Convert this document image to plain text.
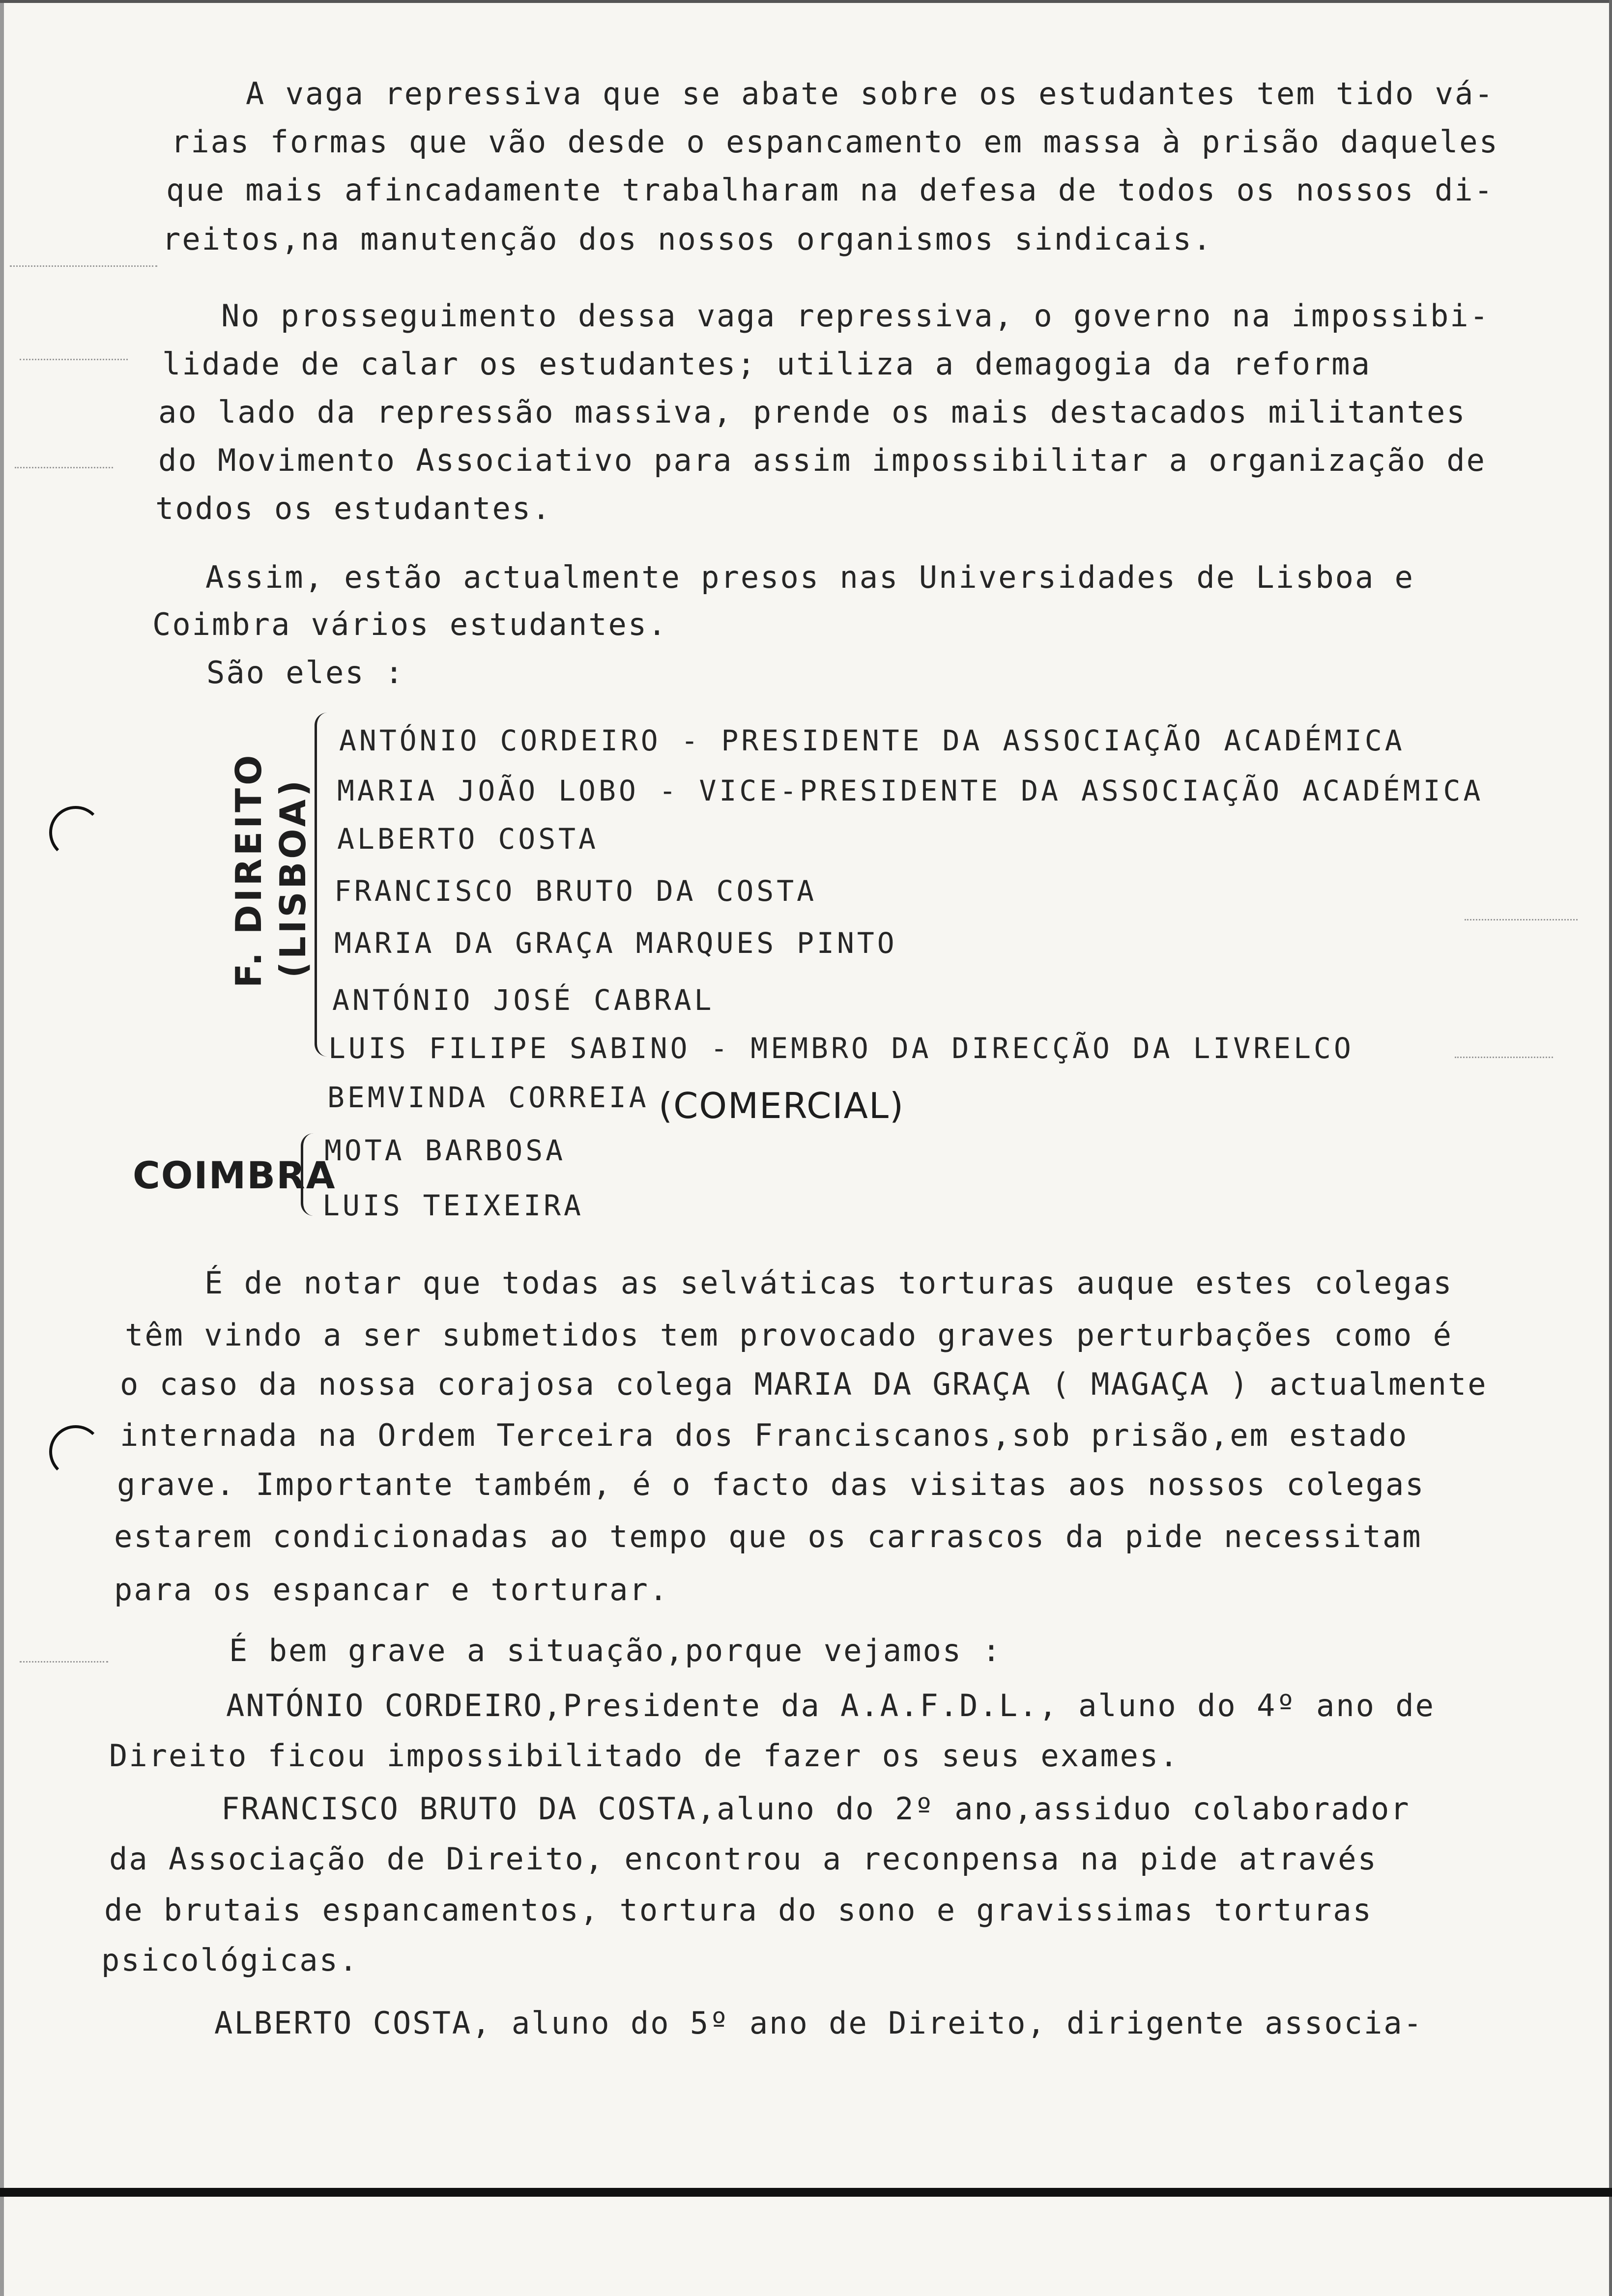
A vaga repressiva que se abate sobre os estudantes tem tido vá-
rias formas que vão desde o espancamento em massa à prisão daqueles
que mais afincadamente trabalharam na defesa de todos os nossos di-
reitos,na manutenção dos nossos organismos sindicais.
No prosseguimento dessa vaga repressiva, o governo na impossibi-
lidade de calar os estudantes; utiliza a demagogia da reforma
ao lado da repressão massiva, prende os mais destacados militantes
do Movimento Associativo para assim impossibilitar a organização de
todos os estudantes.
Assim, estão actualmente presos nas Universidades de Lisboa e
Coimbra vários estudantes.
São eles :
F. DIREITO (LISBOA)
ANTÓNIO CORDEIRO - PRESIDENTE DA ASSOCIAÇÃO ACADÉMICA
MARIA JOÃO LOBO - VICE-PRESIDENTE DA ASSOCIAÇÃO ACADÉMICA
ALBERTO COSTA
FRANCISCO BRUTO DA COSTA
MARIA DA GRAÇA MARQUES PINTO
ANTÓNIO JOSÉ CABRAL
LUIS FILIPE SABINO - MEMBRO DA DIRECÇÃO DA LIVRELCO
BEMVINDA CORREIA (COMERCIAL)
COIMBRA
MOTA BARBOSA
LUIS TEIXEIRA
É de notar que todas as selváticas torturas auque estes colegas
têm vindo a ser submetidos tem provocado graves perturbações como é
o caso da nossa corajosa colega MARIA DA GRAÇA ( MAGAÇA ) actualmente
internada na Ordem Terceira dos Franciscanos,sob prisão,em estado
grave. Importante também, é o facto das visitas aos nossos colegas
estarem condicionadas ao tempo que os carrascos da pide necessitam
para os espancar e torturar.
É bem grave a situação,porque vejamos :
ANTÓNIO CORDEIRO,Presidente da A.A.F.D.L., aluno do 4º ano de
Direito ficou impossibilitado de fazer os seus exames.
FRANCISCO BRUTO DA COSTA,aluno do 2º ano,assiduo colaborador
da Associação de Direito, encontrou a reconpensa na pide através
de brutais espancamentos, tortura do sono e gravissimas torturas
psicológicas.
ALBERTO COSTA, aluno do 5º ano de Direito, dirigente associa-
